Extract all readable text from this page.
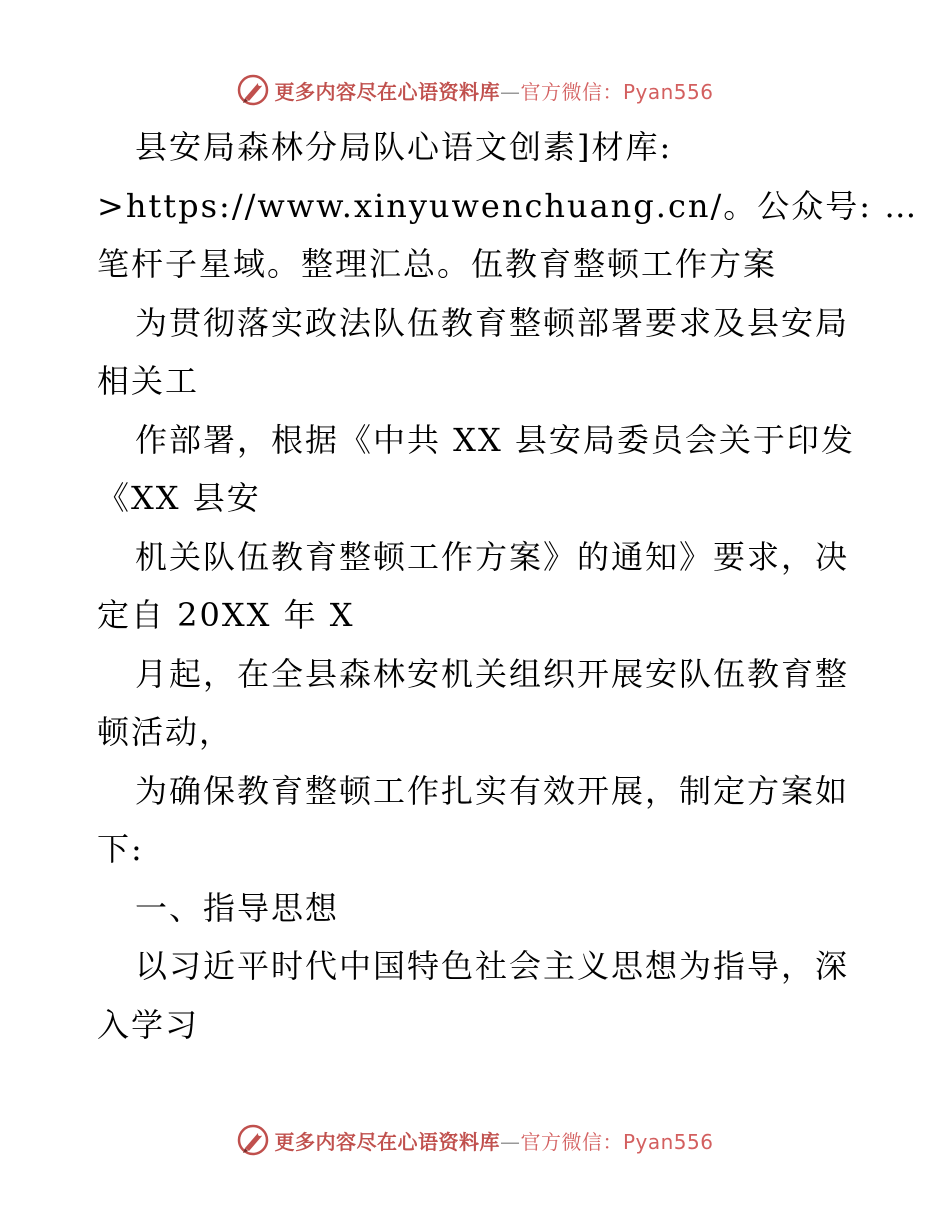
更多内容尽在心语资料库—官方微信：Pyan556
县安局森林分局队心语文创素]材库:
>https://www.xinyuwenchuang.cn/。公众号: …
笔杆子星域。整理汇总。伍教育整顿工作方案
为贯彻落实政法队伍教育整顿部署要求及县安局
相关工
作部署，根据《中共 XX 县安局委员会关于印发
《XX 县安
机关队伍教育整顿工作方案》的通知》要求，决
定自 20XX 年 X
月起，在全县森林安机关组织开展安队伍教育整
顿活动，
为确保教育整顿工作扎实有效开展，制定方案如
下:
一、指导思想
以习近平时代中国特色社会主义思想为指导，深
入学习
更多内容尽在心语资料库—官方微信：Pyan556
